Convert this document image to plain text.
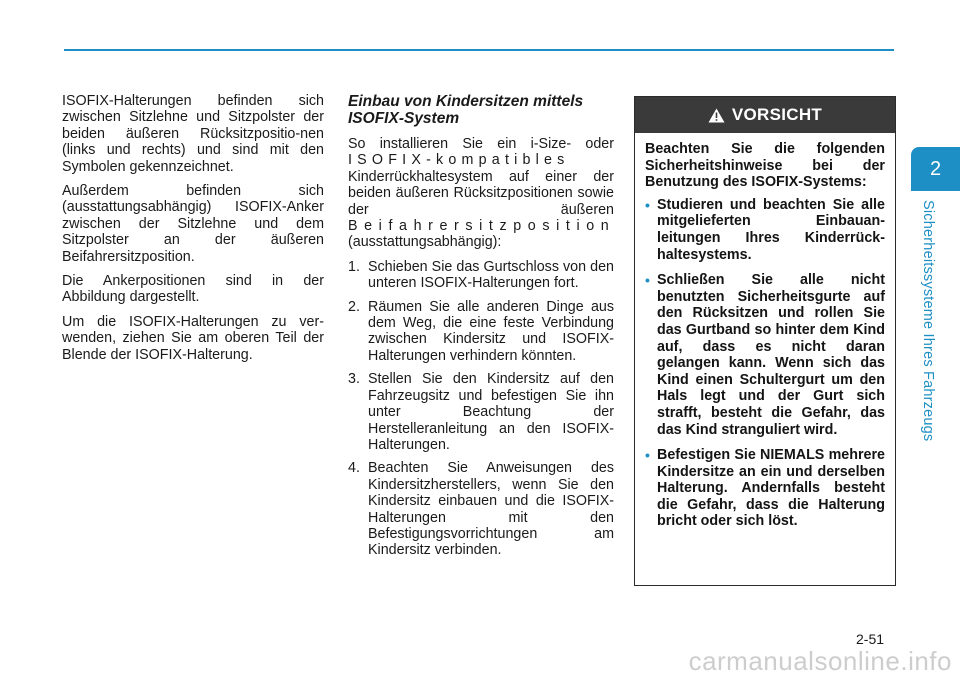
ISOFIX-Halterungen befinden sich zwischen Sitzlehne und Sitzpolster der beiden äußeren Rücksitzpositio-nen (links und rechts) und sind mit den Symbolen gekennzeichnet.

Außerdem befinden sich (ausstattungsabhängig) ISOFIX-Anker zwischen der Sitzlehne und dem Sitzpolster an der äußeren Beifahrersitzposition.

Die Ankerpositionen sind in der Abbildung dargestellt.

Um die ISOFIX-Halterungen zu ver-wenden, ziehen Sie am oberen Teil der Blende der ISOFIX-Halterung.

Einbau von Kindersitzen mittels ISOFIX-System
So installieren Sie ein i-Size- oder
ISOFIX-kompatibles
Kinderrückhaltesystem auf einer der beiden äußeren Rücksitzpositionen sowie der äußeren
Beifahrersitzposition
(ausstattungsabhängig):
1. Schieben Sie das Gurtschloss von den unteren ISOFIX-Halterungen fort.
2. Räumen Sie alle anderen Dinge aus dem Weg, die eine feste Verbindung zwischen Kindersitz und ISOFIX-Halterungen verhindern könnten.
3. Stellen Sie den Kindersitz auf den Fahrzeugsitz und befestigen Sie ihn unter Beachtung der Herstelleranleitung an den ISOFIX-Halterungen.
4. Beachten Sie Anweisungen des Kindersitzherstellers, wenn Sie den Kindersitz einbauen und die ISOFIX-Halterungen mit den Befestigungsvorrichtungen am Kindersitz verbinden.
VORSICHT

Beachten Sie die folgenden Sicherheitshinweise bei der Benutzung des ISOFIX-Systems:

• Studieren und beachten Sie alle mitgelieferten Einbauan-leitungen Ihres Kinderrück-haltesystems.
• Schließen Sie alle nicht benutzten Sicherheitsgurte auf den Rücksitzen und rollen Sie das Gurtband so hinter dem Kind auf, dass es nicht daran gelangen kann. Wenn sich das Kind einen Schultergurt um den Hals legt und der Gurt sich strafft, besteht die Gefahr, das das Kind stranguliert wird.
• Befestigen Sie NIEMALS mehrere Kindersitze an ein und derselben Halterung. Andernfalls besteht die Gefahr, dass die Halterung bricht oder sich löst.
2
Sicherheitssysteme Ihres Fahrzeugs
2-51
carmanualsonline.info
